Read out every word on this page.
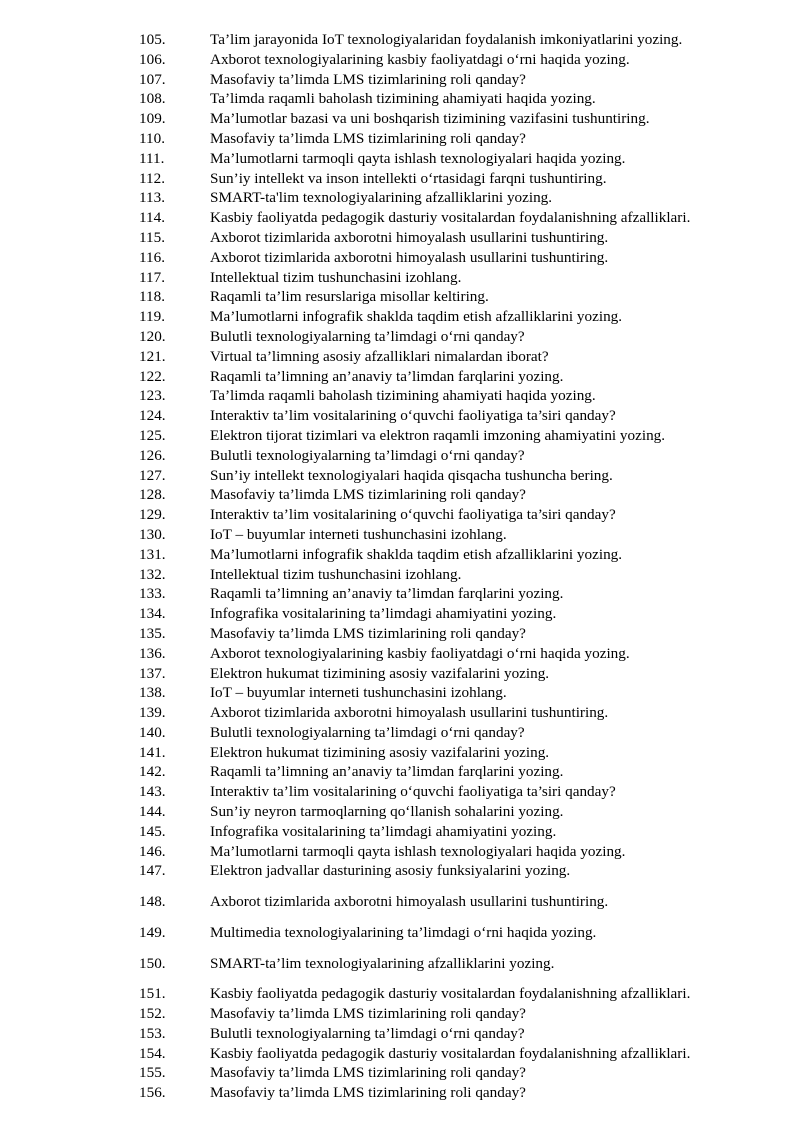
105.	Ta’lim jarayonida IoT texnologiyalaridan foydalanish imkoniyatlarini yozing.
106.	Axborot texnologiyalarining kasbiy faoliyatdagi o‘rni haqida yozing.
107.	Masofaviy ta’limda LMS tizimlarining roli qanday?
108.	Ta’limda raqamli baholash tizimining ahamiyati haqida yozing.
109.	Ma’lumotlar bazasi va uni boshqarish tizimining vazifasini tushuntiring.
110.	Masofaviy ta’limda LMS tizimlarining roli qanday?
111.	Ma’lumotlarni tarmoqli qayta ishlash texnologiyalari haqida yozing.
112.	Sun’iy intellekt va inson intellekti o‘rtasidagi farqni tushuntiring.
113.	SMART-ta'lim texnologiyalarining afzalliklarini yozing.
114.	Kasbiy faoliyatda pedagogik dasturiy vositalardan foydalanishning afzalliklari.
115.	Axborot tizimlarida axborotni himoyalash usullarini tushuntiring.
116.	Axborot tizimlarida axborotni himoyalash usullarini tushuntiring.
117.	Intellektual tizim tushunchasini izohlang.
118.	Raqamli ta’lim resurslariga misollar keltiring.
119.	Ma’lumotlarni infografik shaklda taqdim etish afzalliklarini yozing.
120.	Bulutli texnologiyalarning ta’limdagi o‘rni qanday?
121.	Virtual ta’limning asosiy afzalliklari nimalardan iborat?
122.	Raqamli ta’limning an’anaviy ta’limdan farqlarini yozing.
123.	Ta’limda raqamli baholash tizimining ahamiyati haqida yozing.
124.	Interaktiv ta’lim vositalarining o‘quvchi faoliyatiga ta’siri qanday?
125.	Elektron tijorat tizimlari va elektron raqamli imzoning ahamiyatini yozing.
126.	Bulutli texnologiyalarning ta’limdagi o‘rni qanday?
127.	Sun’iy intellekt texnologiyalari haqida qisqacha tushuncha bering.
128.	Masofaviy ta’limda LMS tizimlarining roli qanday?
129.	Interaktiv ta’lim vositalarining o‘quvchi faoliyatiga ta’siri qanday?
130.	IoT – buyumlar interneti tushunchasini izohlang.
131.	Ma’lumotlarni infografik shaklda taqdim etish afzalliklarini yozing.
132.	Intellektual tizim tushunchasini izohlang.
133.	Raqamli ta’limning an’anaviy ta’limdan farqlarini yozing.
134.	Infografika vositalarining ta’limdagi ahamiyatini yozing.
135.	Masofaviy ta’limda LMS tizimlarining roli qanday?
136.	Axborot texnologiyalarining kasbiy faoliyatdagi o‘rni haqida yozing.
137.	Elektron hukumat tizimining asosiy vazifalarini yozing.
138.	IoT – buyumlar interneti tushunchasini izohlang.
139.	Axborot tizimlarida axborotni himoyalash usullarini tushuntiring.
140.	Bulutli texnologiyalarning ta’limdagi o‘rni qanday?
141.	Elektron hukumat tizimining asosiy vazifalarini yozing.
142.	Raqamli ta’limning an’anaviy ta’limdan farqlarini yozing.
143.	Interaktiv ta’lim vositalarining o‘quvchi faoliyatiga ta’siri qanday?
144.	Sun’iy neyron tarmoqlarning qo‘llanish sohalarini yozing.
145.	Infografika vositalarining ta’limdagi ahamiyatini yozing.
146.	Ma’lumotlarni tarmoqli qayta ishlash texnologiyalari haqida yozing.
147.	Elektron jadvallar dasturining asosiy funksiyalarini yozing.
148.	Axborot tizimlarida axborotni himoyalash usullarini tushuntiring.
149.	Multimedia texnologiyalarining ta’limdagi o‘rni haqida yozing.
150.	SMART-ta’lim texnologiyalarining afzalliklarini yozing.
151.	Kasbiy faoliyatda pedagogik dasturiy vositalardan foydalanishning afzalliklari.
152.	Masofaviy ta’limda LMS tizimlarining roli qanday?
153.	Bulutli texnologiyalarning ta’limdagi o‘rni qanday?
154.	Kasbiy faoliyatda pedagogik dasturiy vositalardan foydalanishning afzalliklari.
155.	Masofaviy ta’limda LMS tizimlarining roli qanday?
156.	Masofaviy ta’limda LMS tizimlarining roli qanday?
